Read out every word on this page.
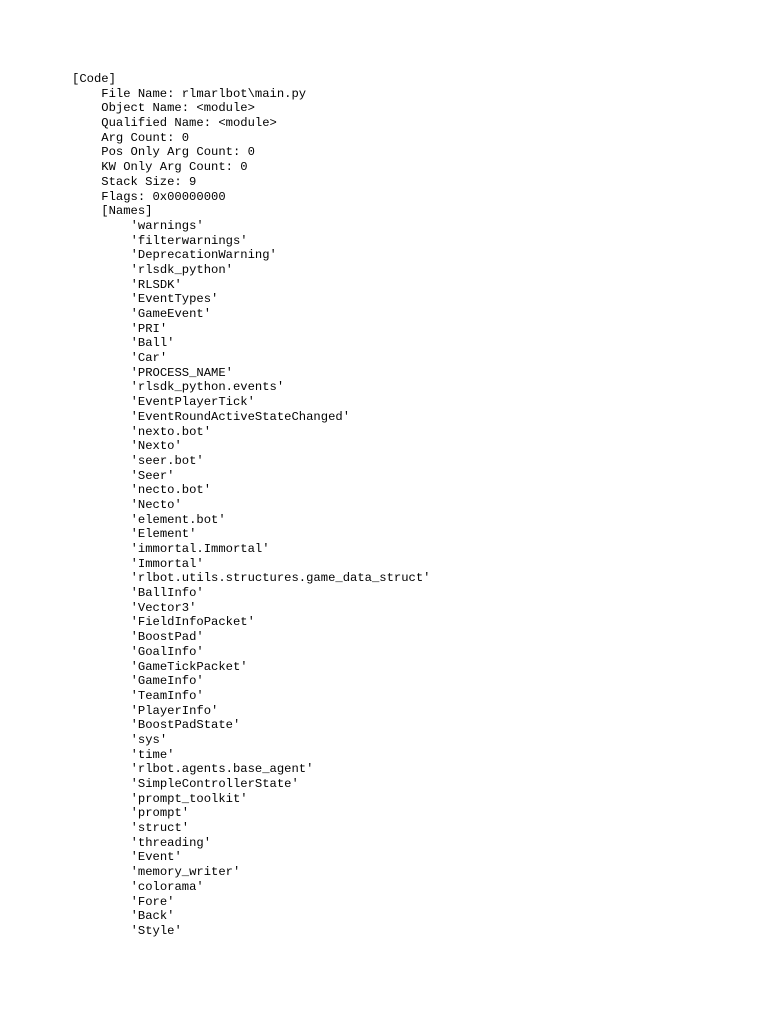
[Code]
File Name: rlmarlbot\main.py
Object Name: <module>
Qualified Name: <module>
Arg Count: 0
Pos Only Arg Count: 0
KW Only Arg Count: 0
Stack Size: 9
Flags: 0x00000000
[Names]
'warnings'
'filterwarnings'
'DeprecationWarning'
'rlsdk_python'
'RLSDK'
'EventTypes'
'GameEvent'
'PRI'
'Ball'
'Car'
'PROCESS_NAME'
'rlsdk_python.events'
'EventPlayerTick'
'EventRoundActiveStateChanged'
'nexto.bot'
'Nexto'
'seer.bot'
'Seer'
'necto.bot'
'Necto'
'element.bot'
'Element'
'immortal.Immortal'
'Immortal'
'rlbot.utils.structures.game_data_struct'
'BallInfo'
'Vector3'
'FieldInfoPacket'
'BoostPad'
'GoalInfo'
'GameTickPacket'
'GameInfo'
'TeamInfo'
'PlayerInfo'
'BoostPadState'
'sys'
'time'
'rlbot.agents.base_agent'
'SimpleControllerState'
'prompt_toolkit'
'prompt'
'struct'
'threading'
'Event'
'memory_writer'
'colorama'
'Fore'
'Back'
'Style'
